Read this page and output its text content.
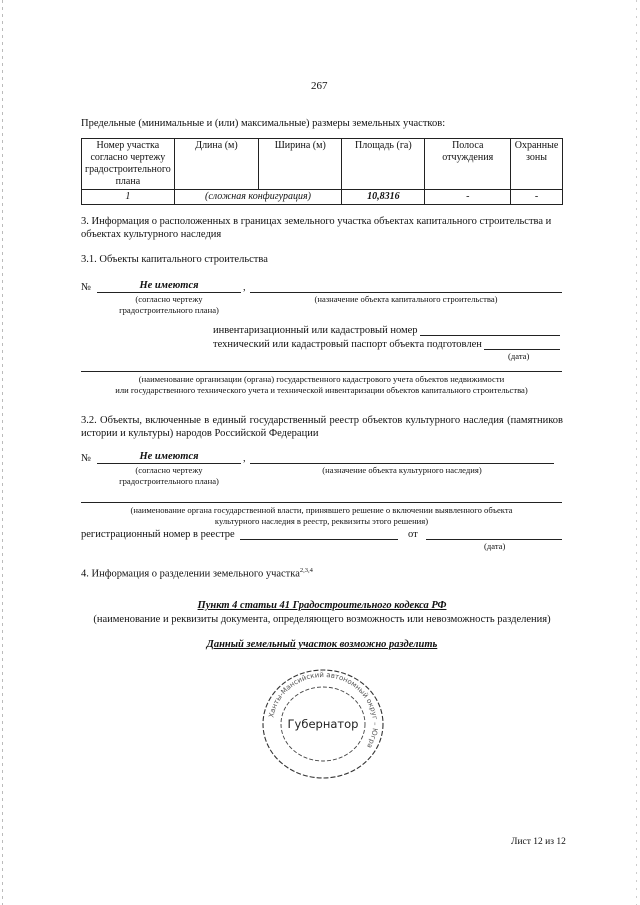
267
Предельные (минимальные и (или) максимальные) размеры земельных участков:
Номер участка согласно чертежу градостроительного плана	Длина (м)	Ширина (м)	Площадь (га)	Полоса отчуждения	Охранные зоны
1	(сложная конфигурация)		10,8316	-	-
3. Информация о расположенных в границах земельного участка объектах капитального строительства и
объектах культурного наследия
3.1. Объекты капитального строительства
№	Не имеются	,
(согласно чертежу
градостроительного плана)
(назначение объекта капитального строительства)
инвентаризационный или кадастровый номер
технический или кадастровый паспорт объекта подготовлен
(дата)
(наименование организации (органа) государственного кадастрового учета объектов недвижимости
или государственного технического учета и технической инвентаризации объектов капитального строительства)
3.2. Объекты, включенные в единый государственный реестр объектов культурного наследия (памятников
истории и культуры) народов Российской Федерации
№	Не имеются	,
(согласно чертежу
градостроительного плана)
(назначение объекта культурного наследия)
(наименование органа государственной власти, принявшего решение о включении выявленного объекта
культурного наследия в реестр, реквизиты этого решения)
регистрационный номер в реестре	от
(дата)
4. Информация о разделении земельного участка$^{2,3,4}$
Пункт 4 статьи 41 Градостроительного кодекса РФ
(наименование и реквизиты документа, определяющего возможность или невозможность разделения)
Данный земельный участок возможно разделить
Ханты-Мансийский автономный округ – Югра
Губернатор
Лист 12 из 12
